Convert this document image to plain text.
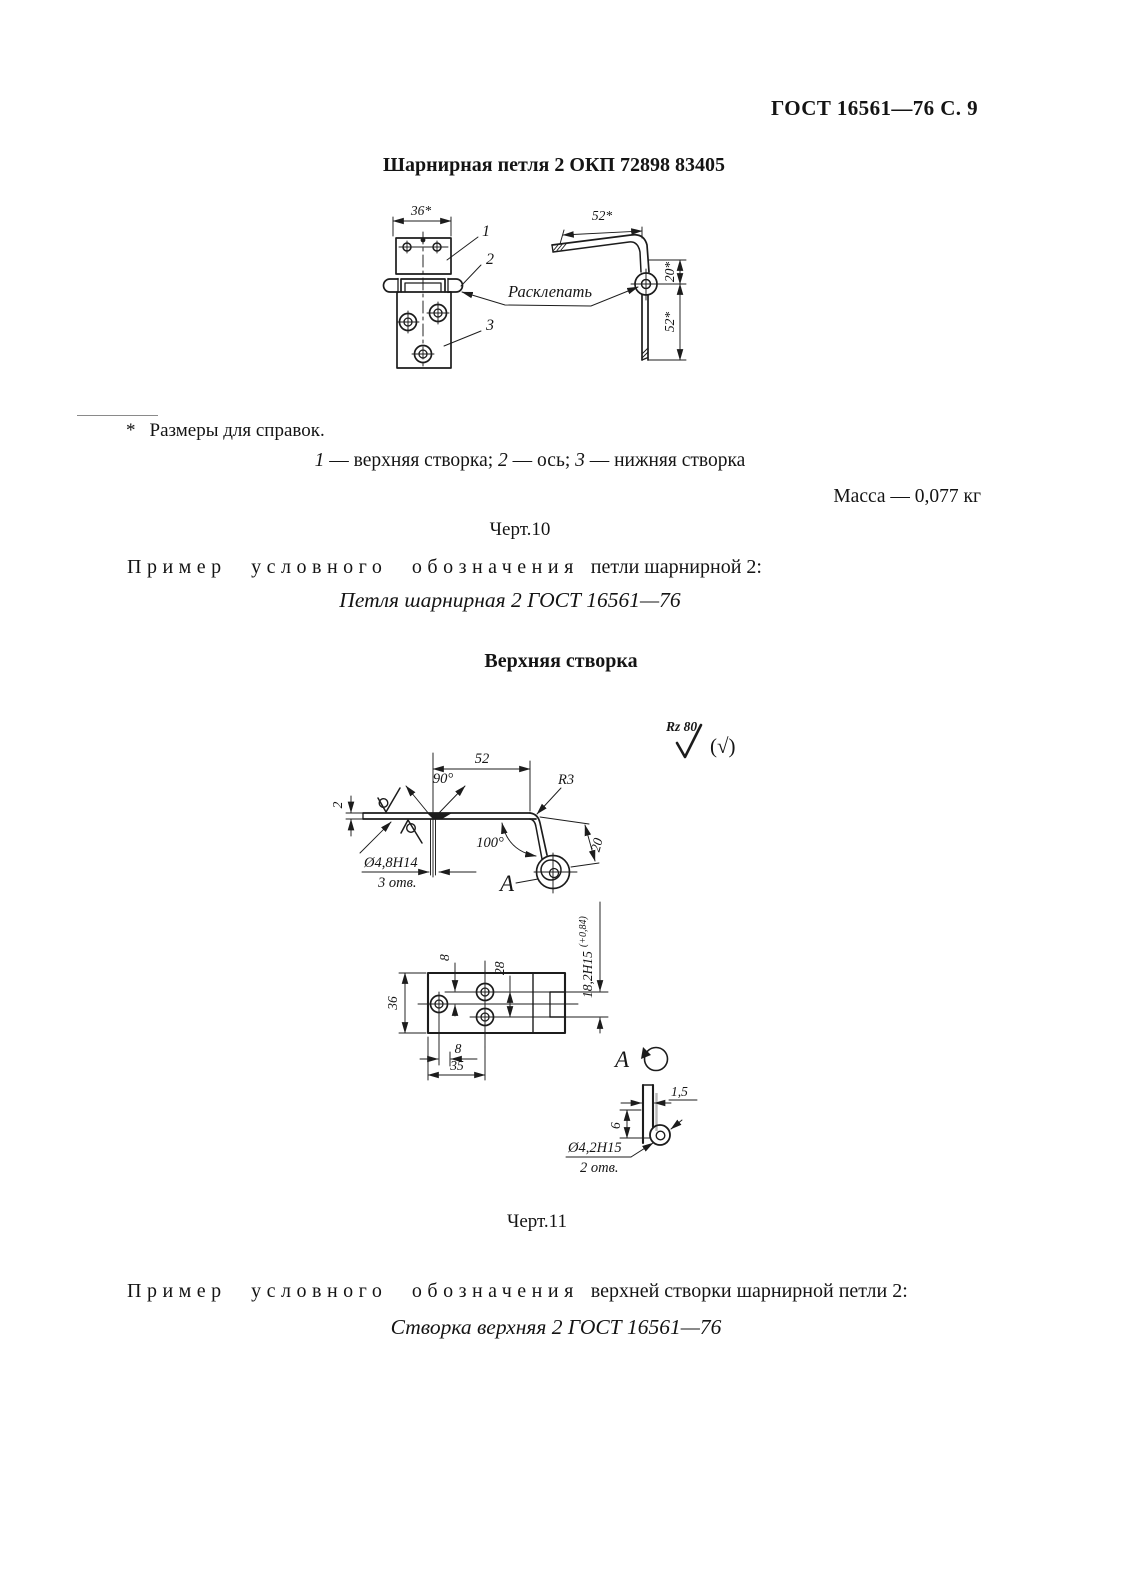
ГОСТ 16561—76 С. 9
Шарнирная петля 2 ОКП 72898 83405
36*
1
2
3
Расклепать
52*
20*
52*
* Размеры для справок.
1 — верхняя створка; 2 — ось; 3 — нижняя створка
Масса — 0,077 кг
Черт.10
Пример условного обозначения петли шарнирной 2:
Петля шарнирная 2 ГОСТ 16561—76
Верхняя створка
Rz 80
(√)
52
90°	R3
2
100°	20
Ø4,8H14
3 отв.	А
18,2H15 $^{(+0,84)}$
36
8
28
8
35	А
1,5
6
Ø4,2H15
2 отв.
Черт.11
Пример условного обозначения верхней створки шарнирной петли 2:
Створка верхняя 2 ГОСТ 16561—76
